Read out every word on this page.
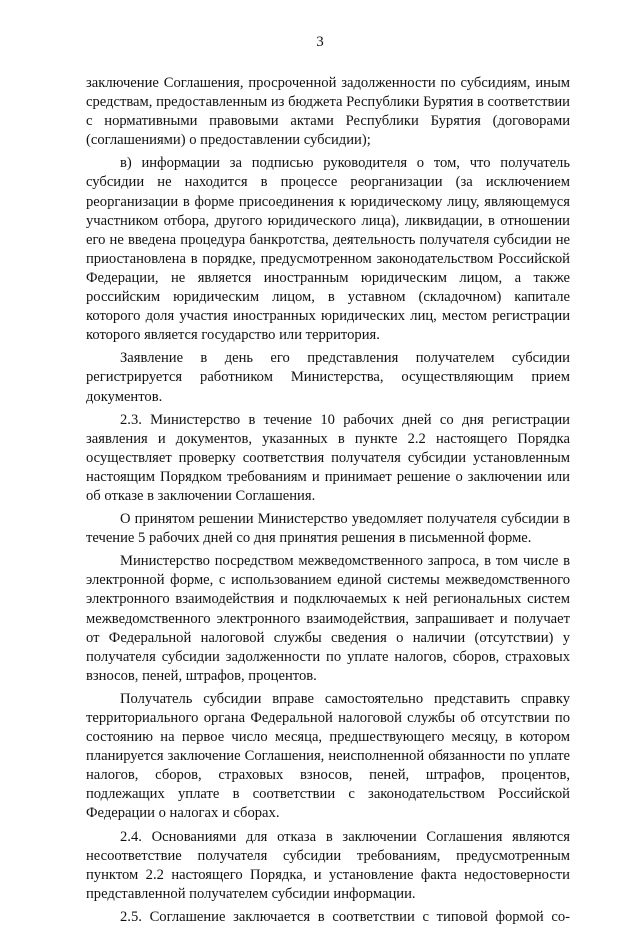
3

заключение Соглашения, просроченной задолженности по субсидиям, иным средствам, предоставленным из бюджета Республики Бурятия в соответствии с нормативными правовыми актами Республики Бурятия (договорами (соглашениями) о предоставлении субсидии);

в) информации за подписью руководителя о том, что получатель субсидии не находится в процессе реорганизации (за исключением реорганизации в форме присоединения к юридическому лицу, являющемуся участником отбора, другого юридического лица), ликвидации, в отношении его не введена процедура банкротства, деятельность получателя субсидии не приостановлена в порядке, предусмотренном законодательством Российской Федерации, не является иностранным юридическим лицом, а также российским юридическим лицом, в уставном (складочном) капитале которого доля участия иностранных юридических лиц, местом регистрации которого является государство или территория.

Заявление в день его представления получателем субсидии регистрируется работником Министерства, осуществляющим прием документов.

2.3. Министерство в течение 10 рабочих дней со дня регистрации заявления и документов, указанных в пункте 2.2 настоящего Порядка осуществляет проверку соответствия получателя субсидии установленным настоящим Порядком требованиям и принимает решение о заключении или об отказе в заключении Соглашения.

О принятом решении Министерство уведомляет получателя субсидии в течение 5 рабочих дней со дня принятия решения в письменной форме.

Министерство посредством межведомственного запроса, в том числе в электронной форме, с использованием единой системы межведомственного электронного взаимодействия и подключаемых к ней региональных систем межведомственного электронного взаимодействия, запрашивает и получает от Федеральной налоговой службы сведения о наличии (отсутствии) у получателя субсидии задолженности по уплате налогов, сборов, страховых взносов, пеней, штрафов, процентов.

Получатель субсидии вправе самостоятельно представить справку территориального органа Федеральной налоговой службы об отсутствии по состоянию на первое число месяца, предшествующего месяцу, в котором планируется заключение Соглашения, неисполненной обязанности по уплате налогов, сборов, страховых взносов, пеней, штрафов, процентов, подлежащих уплате в соответствии с законодательством Российской Федерации о налогах и сборах.

2.4. Основаниями для отказа в заключении Соглашения являются несоответствие получателя субсидии требованиям, предусмотренным пунктом 2.2 настоящего Порядка, и установление факта недостоверности представленной получателем субсидии информации.

2.5. Соглашение заключается в соответствии с типовой формой со-
